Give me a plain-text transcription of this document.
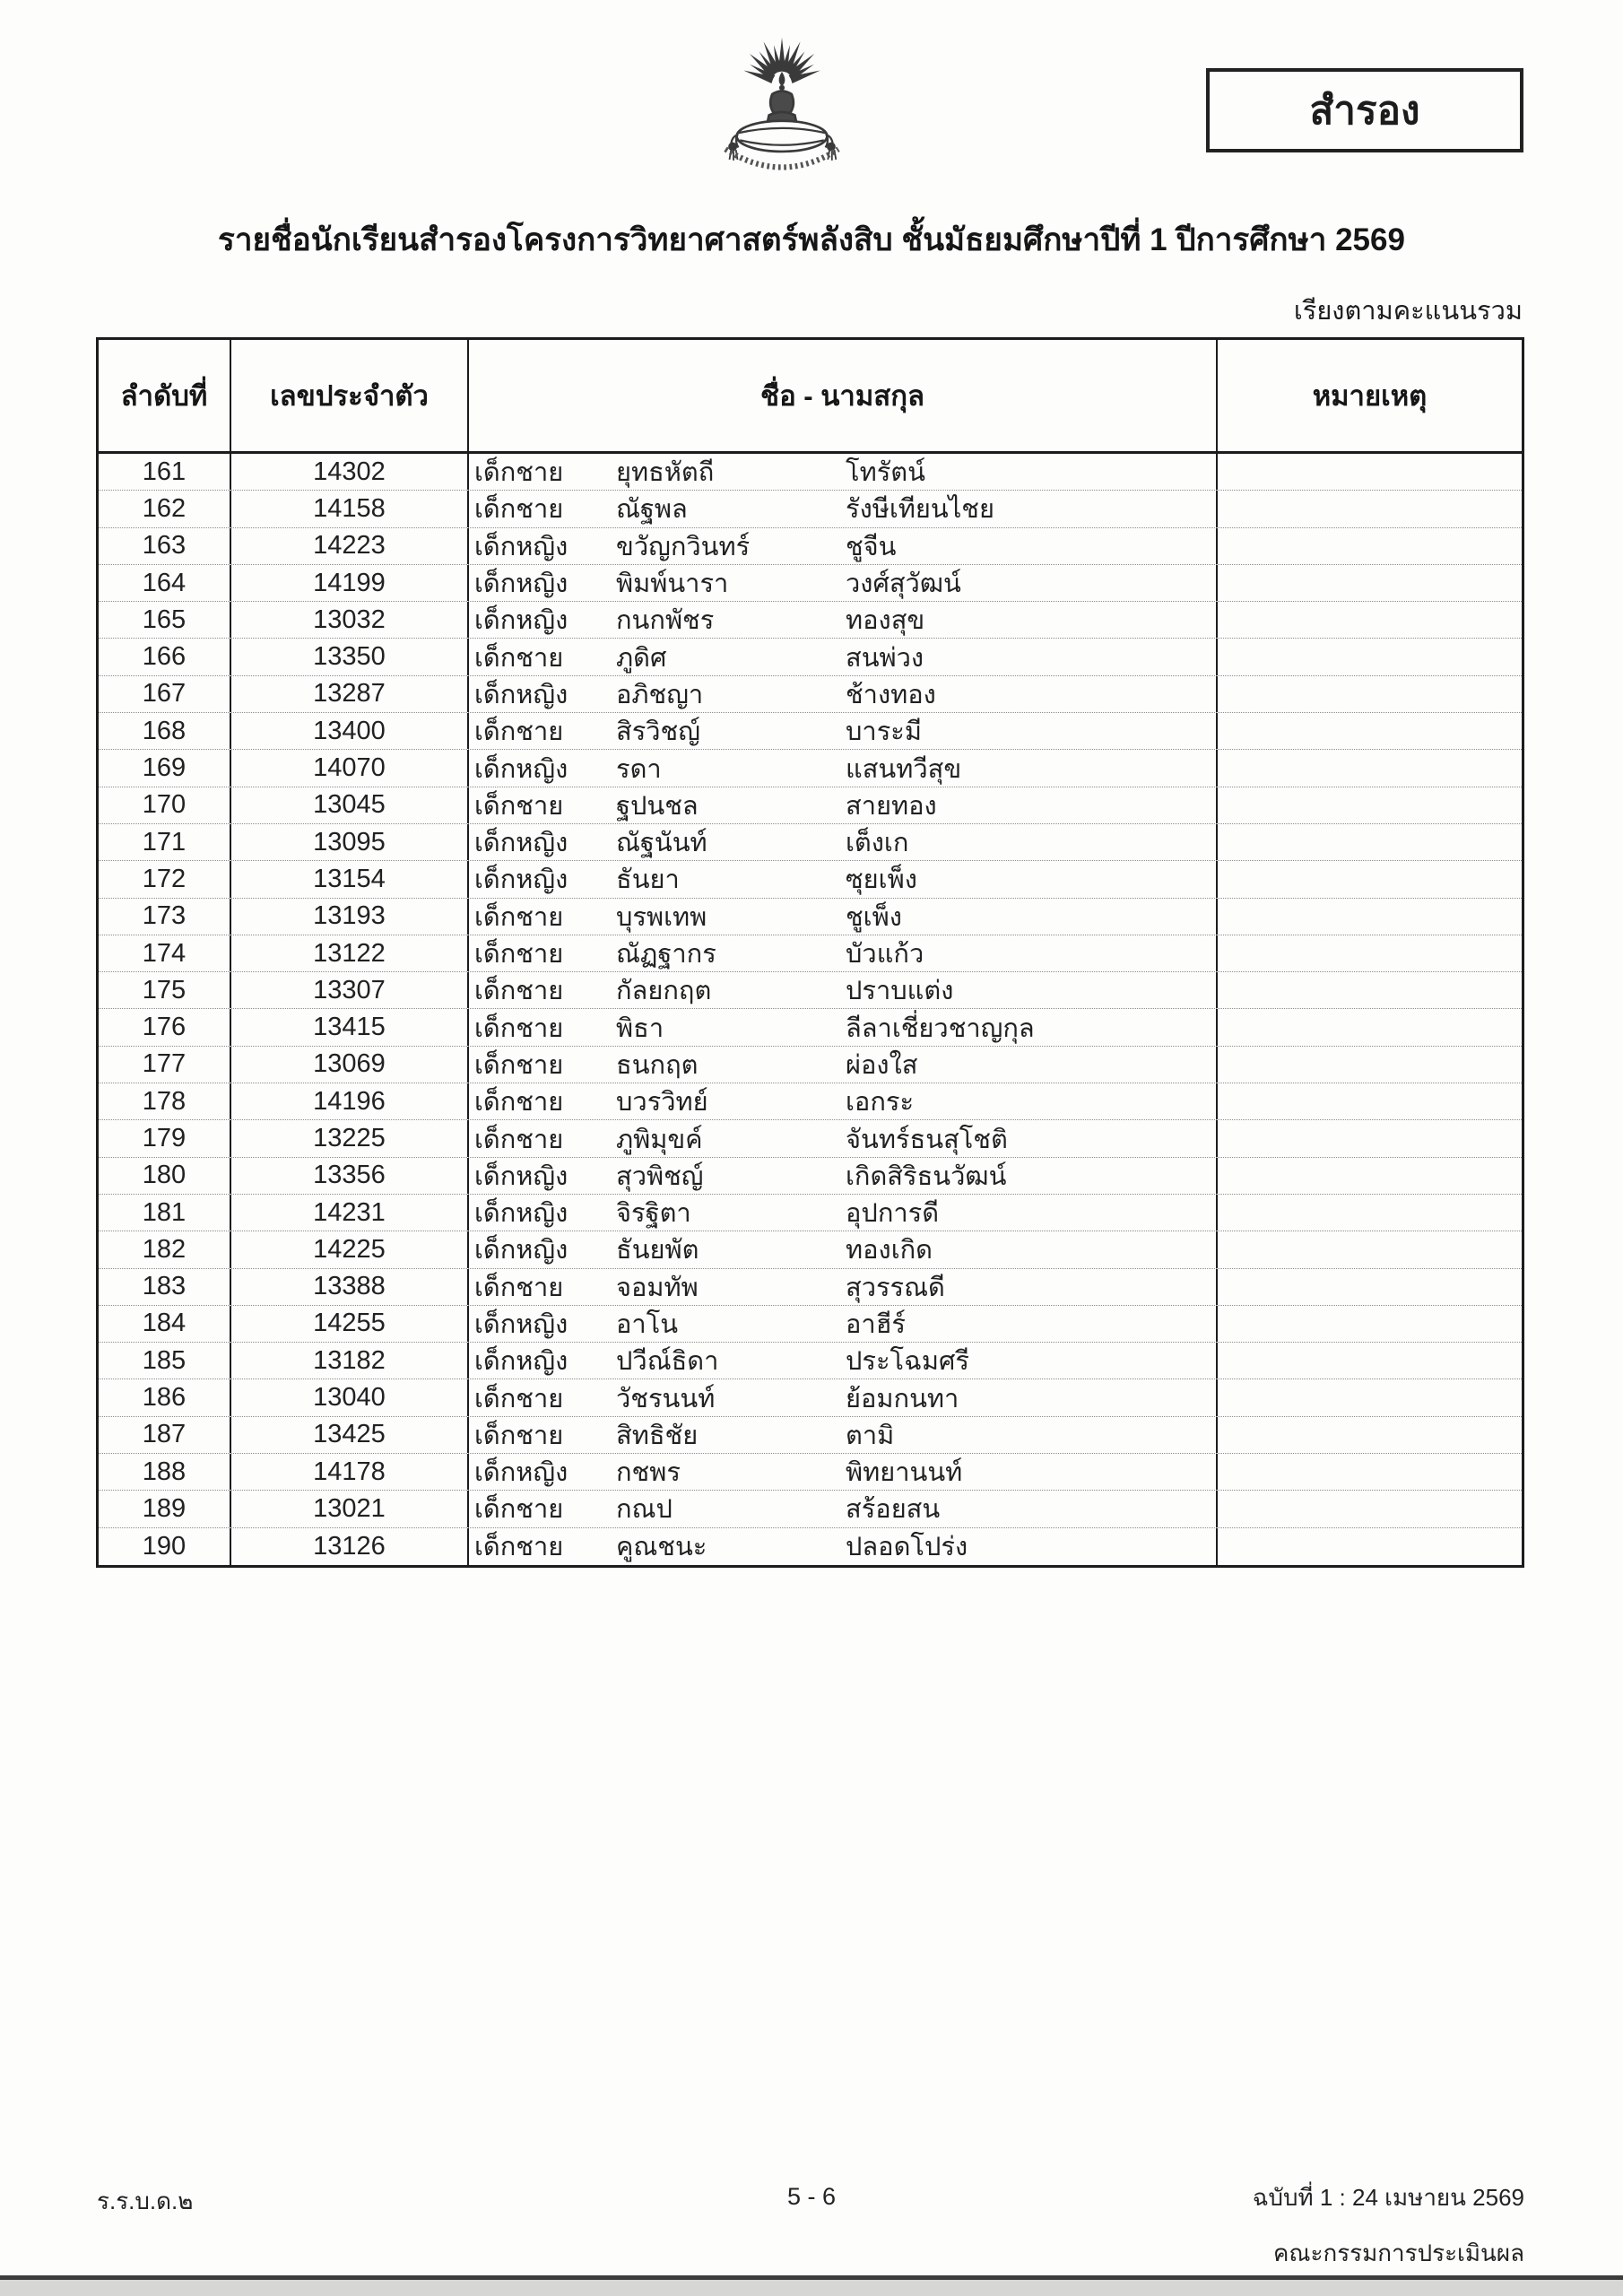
สำรอง
รายชื่อนักเรียนสำรองโครงการวิทยาศาสตร์พลังสิบ ชั้นมัธยมศึกษาปีที่ 1 ปีการศึกษา 2569
เรียงตามคะแนนรวม
ลำดับที่	เลขประจำตัว	ชื่อ - นามสกุล	หมายเหตุ
161	14302	เด็กชาย	ยุทธหัตถี	โทรัตน์
162	14158	เด็กชาย	ณัฐพล	รังษีเทียนไชย
163	14223	เด็กหญิง	ขวัญกวินทร์	ชูจีน
164	14199	เด็กหญิง	พิมพ์นารา	วงศ์สุวัฒน์
165	13032	เด็กหญิง	กนกพัชร	ทองสุข
166	13350	เด็กชาย	ภูดิศ	สนพ่วง
167	13287	เด็กหญิง	อภิชญา	ช้างทอง
168	13400	เด็กชาย	สิรวิชญ์	บาระมี
169	14070	เด็กหญิง	รดา	แสนทวีสุข
170	13045	เด็กชาย	ฐปนชล	สายทอง
171	13095	เด็กหญิง	ณัฐนันท์	เต็งเก
172	13154	เด็กหญิง	ธันยา	ซุยเพ็ง
173	13193	เด็กชาย	บุรพเทพ	ชูเพ็ง
174	13122	เด็กชาย	ณัฏฐากร	บัวแก้ว
175	13307	เด็กชาย	กัลยกฤต	ปราบแต่ง
176	13415	เด็กชาย	พิธา	ลีลาเชี่ยวชาญกุล
177	13069	เด็กชาย	ธนกฤต	ผ่องใส
178	14196	เด็กชาย	บวรวิทย์	เอกระ
179	13225	เด็กชาย	ภูพิมุขค์	จันทร์ธนสุโชติ
180	13356	เด็กหญิง	สุวพิชญ์	เกิดสิริธนวัฒน์
181	14231	เด็กหญิง	จิรฐิตา	อุปการดี
182	14225	เด็กหญิง	ธันยพัต	ทองเกิด
183	13388	เด็กชาย	จอมทัพ	สุวรรณดี
184	14255	เด็กหญิง	อาโน	อาฮีร์
185	13182	เด็กหญิง	ปวีณ์ธิดา	ประโฉมศรี
186	13040	เด็กชาย	วัชรนนท์	ย้อมกนทา
187	13425	เด็กชาย	สิทธิชัย	ตามิ
188	14178	เด็กหญิง	กชพร	พิทยานนท์
189	13021	เด็กชาย	กณป	สร้อยสน
190	13126	เด็กชาย	คูณชนะ	ปลอดโปร่ง
ร.ร.บ.ด.๒	5 - 6	ฉบับที่ 1 : 24 เมษายน 2569
คณะกรรมการประเมินผล
